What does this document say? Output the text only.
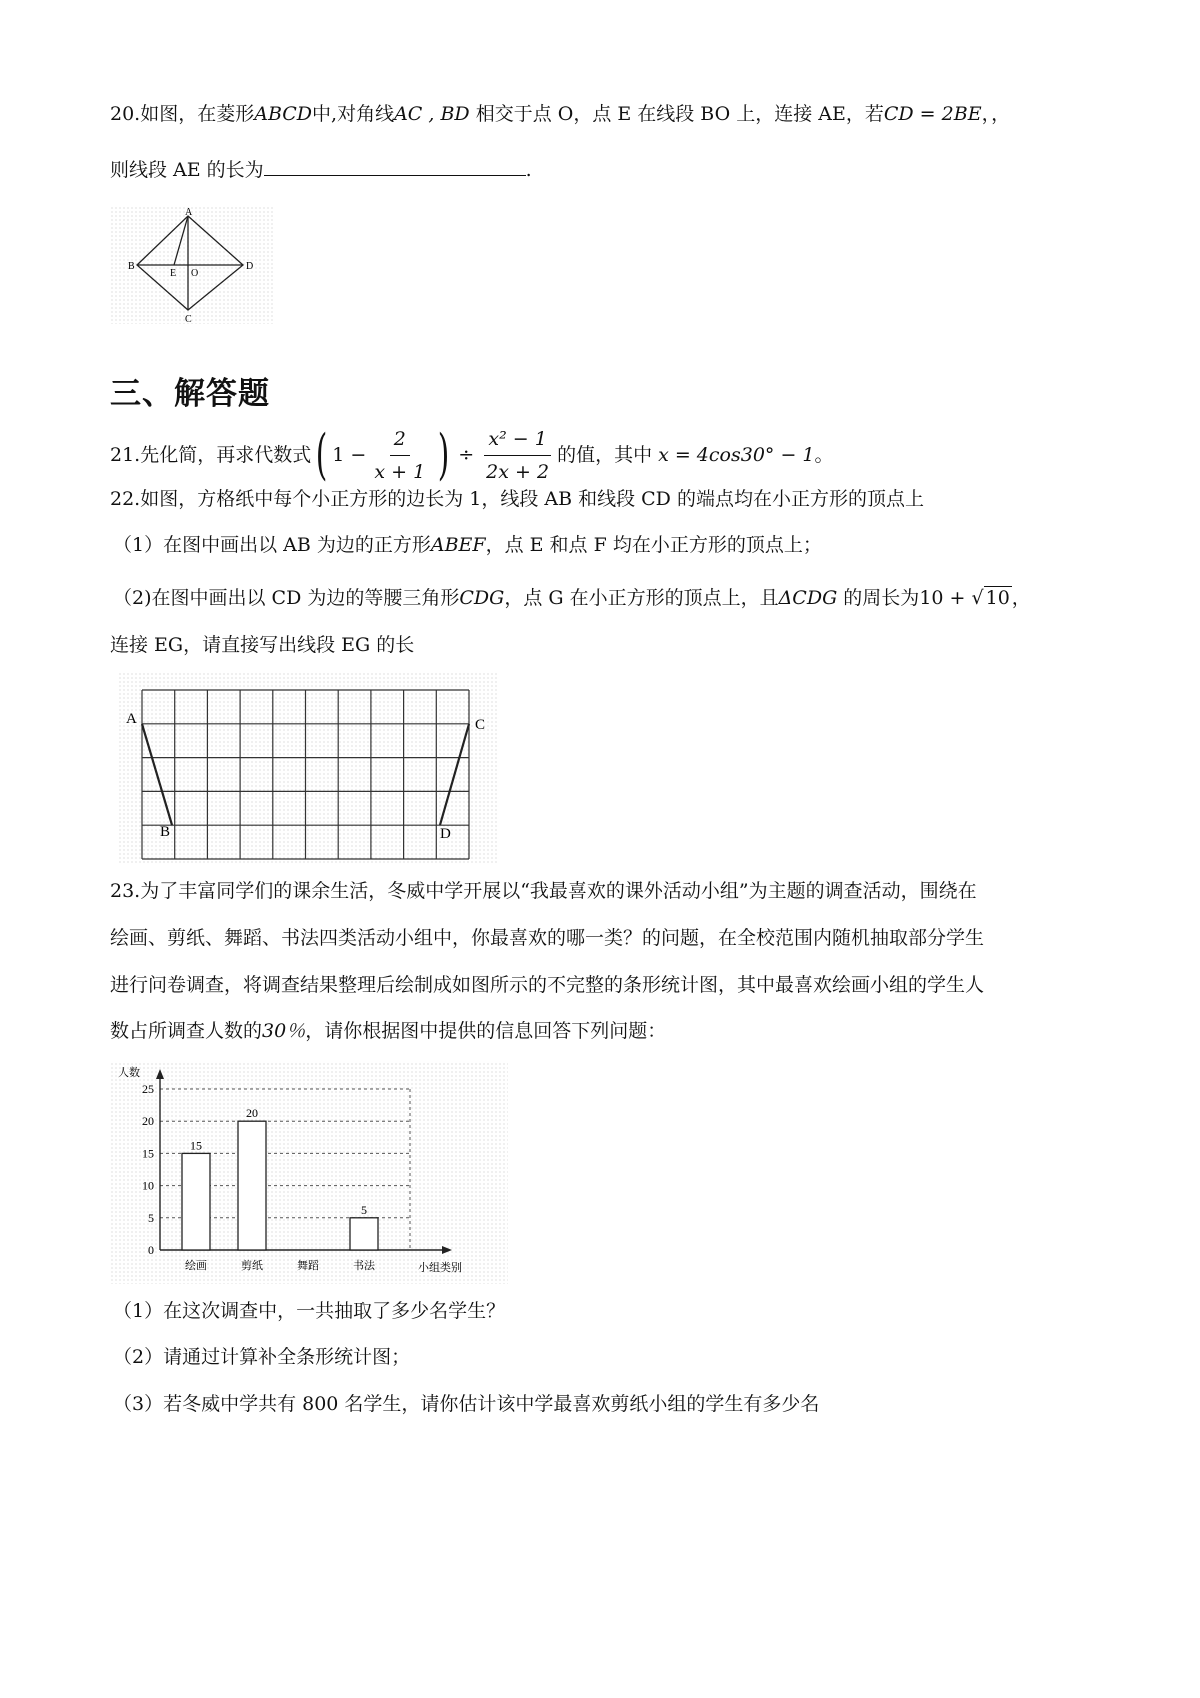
20.如图，在菱形ABCD中,对角线AC , BD 相交于点 O，点 E 在线段 BO 上，连接 AE，若CD = 2BE，，
则线段 AE 的长为	.
A
B	D
C
E O
三、解答题
21.先化简，再求代数式 ( $1 - \frac{2}{x + 1}$ ) ÷ $\frac{\text{x² − 1}}{2x + 2}$ 的值，其中 x = 4cos30° − 1 。
22.如图，方格纸中每个小正方形的边长为 1，线段 AB 和线段 CD 的端点均在小正方形的顶点上
（1）在图中画出以 AB 为边的正方形ABEF，点 E 和点 F 均在小正方形的顶点上；
（2)在图中画出以 CD 为边的等腰三角形CDG，点 G 在小正方形的顶点上，且ΔCDG 的周长为10 + √ 10 ，
连接 EG，请直接写出线段 EG 的长
A
B
C
D
23.为了丰富同学们的课余生活，冬威中学开展以“我最喜欢的课外活动小组”为主题的调查活动，围绕在
绘画、剪纸、舞蹈、书法四类活动小组中，你最喜欢的哪一类？的问题，在全校范围内随机抽取部分学生
进行问卷调查，将调查结果整理后绘制成如图所示的不完整的条形统计图，其中最喜欢绘画小组的学生人
数占所调查人数的30％，请你根据图中提供的信息回答下列问题：
0
5
10
15
20
25
人数
小组类别
15
绘画
20
剪纸	舞蹈
5
书法
（1）在这次调查中，一共抽取了多少名学生？
（2）请通过计算补全条形统计图；
（3）若冬威中学共有 800 名学生，请你估计该中学最喜欢剪纸小组的学生有多少名
